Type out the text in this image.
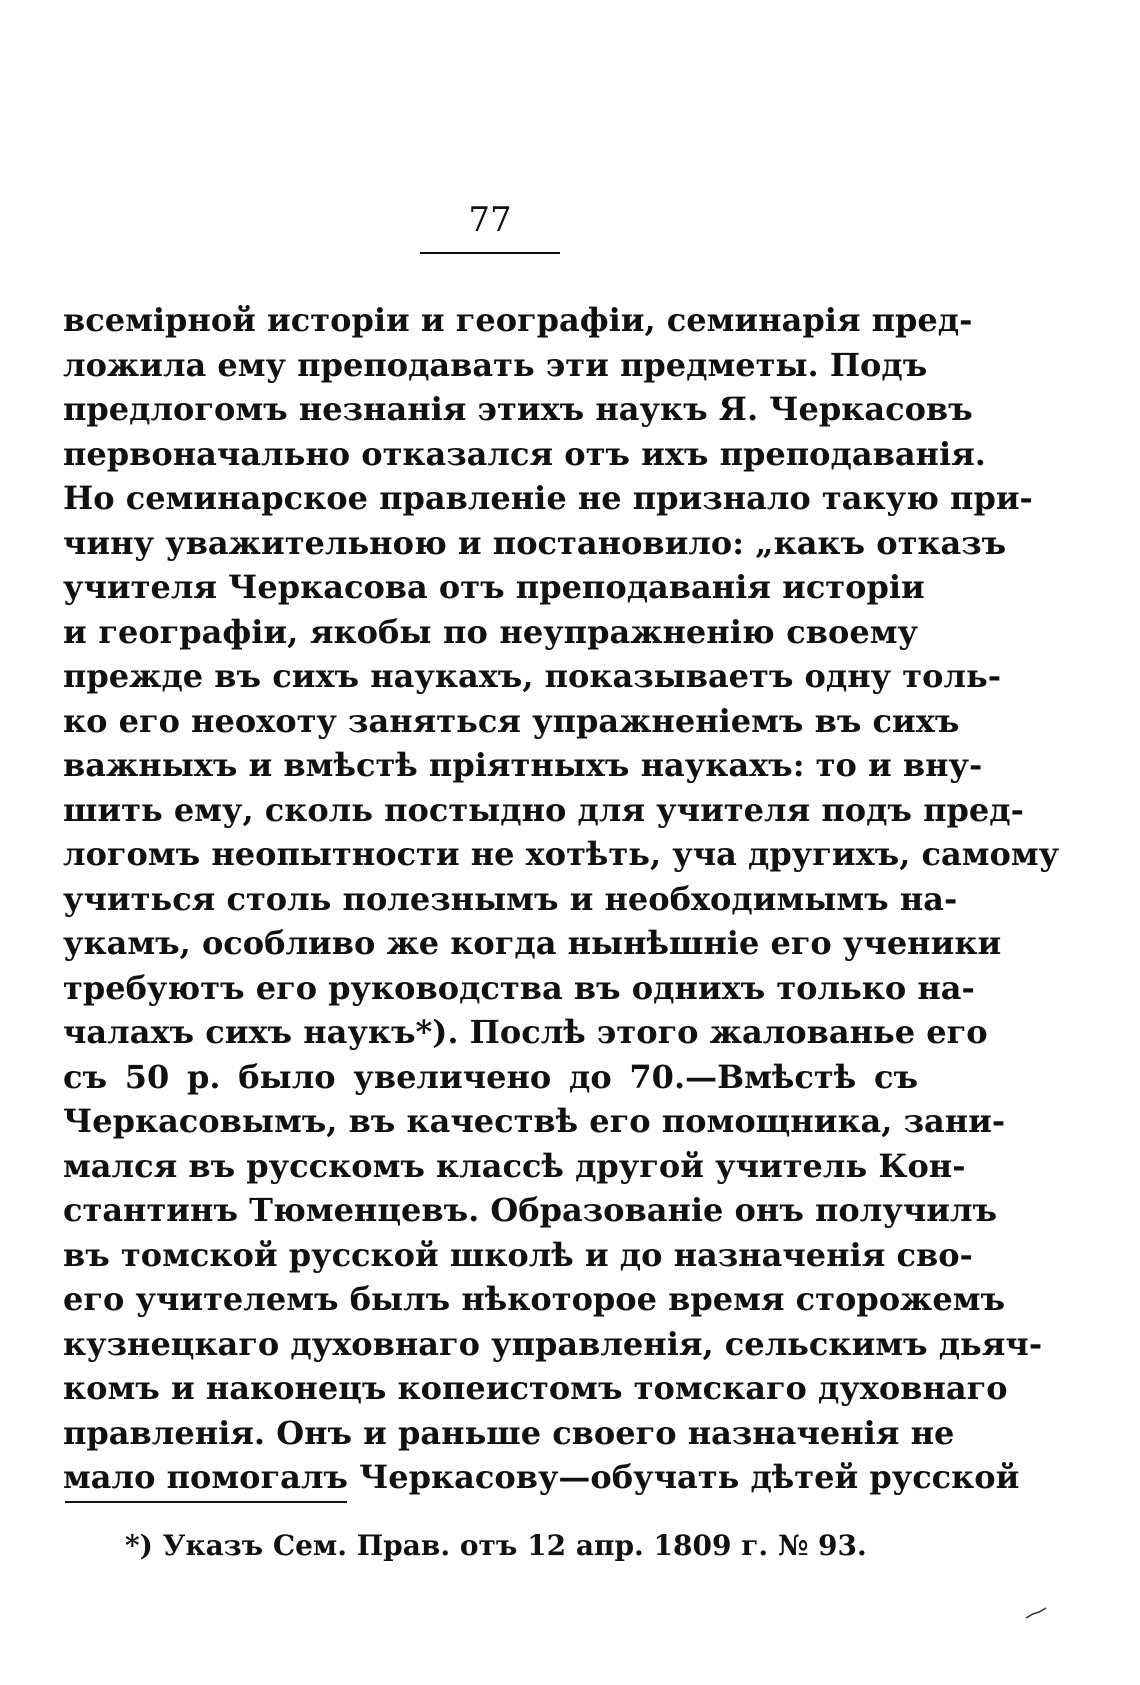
77
всемірной исторіи и географіи, семинарія пред-
ложила ему преподавать эти предметы. Подъ
предлогомъ незнанія этихъ наукъ Я. Черкасовъ
первоначально отказался отъ ихъ преподаванія.
Но семинарское правленіе не признало такую при-
чину уважительною и постановило: „какъ отказъ
учителя Черкасова отъ преподаванія исторіи
и географіи, якобы по неупражненію своему
прежде въ сихъ наукахъ, показываетъ одну толь-
ко его неохоту заняться упражненіемъ въ сихъ
важныхъ и вмѣстѣ пріятныхъ наукахъ: то и вну-
шить ему, сколь постыдно для учителя подъ пред-
логомъ неопытности не хотѣть, уча другихъ, самому
учиться столь полезнымъ и необходимымъ на-
укамъ, особливо же когда нынѣшніе его ученики
требуютъ его руководства въ однихъ только на-
чалахъ сихъ наукъ*). Послѣ этого жалованье его
съ 50 р. было увеличено до 70.—Вмѣстѣ съ
Черкасовымъ, въ качествѣ его помощника, зани-
мался въ русскомъ классѣ другой учитель Кон-
стантинъ Тюменцевъ. Образованіе онъ получилъ
въ томской русской школѣ и до назначенія сво-
его учителемъ былъ нѣкоторое время сторожемъ
кузнецкаго духовнаго управленія, сельскимъ дьяч-
комъ и наконецъ копеистомъ томскаго духовнаго
правленія. Онъ и раньше своего назначенія не
мало помогалъ Черкасову—обучать дѣтей русской
*) Указъ Сем. Прав. отъ 12 апр. 1809 г. № 93.
